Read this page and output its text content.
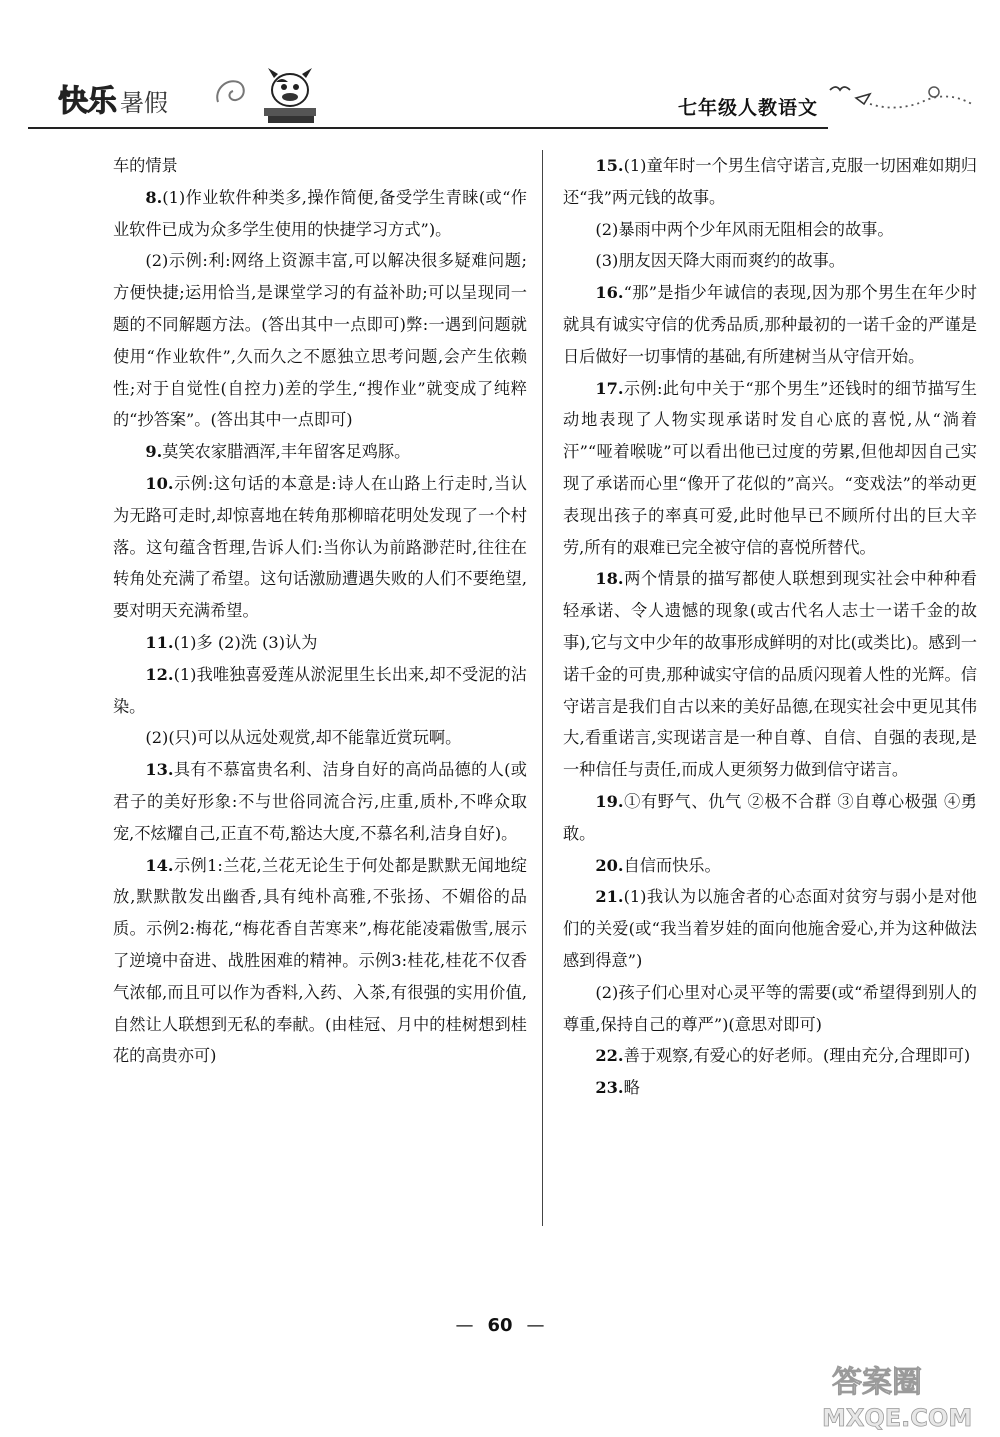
快乐 暑假	七年级人教语文

车的情景

8.(1)作业软件种类多,操作简便,备受学生青睐(或“作业软件已成为众多学生使用的快捷学习方式”)。

(2)示例:利:网络上资源丰富,可以解决很多疑难问题;方便快捷;运用恰当,是课堂学习的有益补助;可以呈现同一题的不同解题方法。(答出其中一点即可)弊:一遇到问题就使用“作业软件”,久而久之不愿独立思考问题,会产生依赖性;对于自觉性(自控力)差的学生,“搜作业”就变成了纯粹的“抄答案”。(答出其中一点即可)

9.莫笑农家腊酒浑,丰年留客足鸡豚。

10.示例:这句话的本意是:诗人在山路上行走时,当认为无路可走时,却惊喜地在转角那柳暗花明处发现了一个村落。这句蕴含哲理,告诉人们:当你认为前路渺茫时,往往在转角处充满了希望。这句话激励遭遇失败的人们不要绝望,要对明天充满希望。

11.(1)多 (2)洗 (3)认为

12.(1)我唯独喜爱莲从淤泥里生长出来,却不受泥的沾染。

(2)(只)可以从远处观赏,却不能靠近赏玩啊。

13.具有不慕富贵名利、洁身自好的高尚品德的人(或君子的美好形象:不与世俗同流合污,庄重,质朴,不哗众取宠,不炫耀自己,正直不苟,豁达大度,不慕名利,洁身自好)。

14.示例1:兰花,兰花无论生于何处都是默默无闻地绽放,默默散发出幽香,具有纯朴高雅,不张扬、不媚俗的品质。示例2:梅花,“梅花香自苦寒来”,梅花能凌霜傲雪,展示了逆境中奋进、战胜困难的精神。示例3:桂花,桂花不仅香气浓郁,而且可以作为香料,入药、入茶,有很强的实用价值,自然让人联想到无私的奉献。(由桂冠、月中的桂树想到桂花的高贵亦可)

15.(1)童年时一个男生信守诺言,克服一切困难如期归还“我”两元钱的故事。

(2)暴雨中两个少年风雨无阻相会的故事。

(3)朋友因天降大雨而爽约的故事。

16.“那”是指少年诚信的表现,因为那个男生在年少时就具有诚实守信的优秀品质,那种最初的一诺千金的严谨是日后做好一切事情的基础,有所建树当从守信开始。

17.示例:此句中关于“那个男生”还钱时的细节描写生动地表现了人物实现承诺时发自心底的喜悦,从“淌着汗”“哑着喉咙”可以看出他已过度的劳累,但他却因自己实现了承诺而心里“像开了花似的”高兴。“变戏法”的举动更表现出孩子的率真可爱,此时他早已不顾所付出的巨大辛劳,所有的艰难已完全被守信的喜悦所替代。

18.两个情景的描写都使人联想到现实社会中种种看轻承诺、令人遗憾的现象(或古代名人志士一诺千金的故事),它与文中少年的故事形成鲜明的对比(或类比)。感到一诺千金的可贵,那种诚实守信的品质闪现着人性的光辉。信守诺言是我们自古以来的美好品德,在现实社会中更见其伟大,看重诺言,实现诺言是一种自尊、自信、自强的表现,是一种信任与责任,而成人更须努力做到信守诺言。

19.①有野气、仇气 ②极不合群 ③自尊心极强 ④勇敢。

20.自信而快乐。

21.(1)我认为以施舍者的心态面对贫穷与弱小是对他们的关爱(或“我当着岁娃的面向他施舍爱心,并为这种做法感到得意”)

(2)孩子们心里对心灵平等的需要(或“希望得到别人的尊重,保持自己的尊严”)(意思对即可)

22.善于观察,有爱心的好老师。(理由充分,合理即可)

23.略

— 60 —
答案圈
MXQE.COM
